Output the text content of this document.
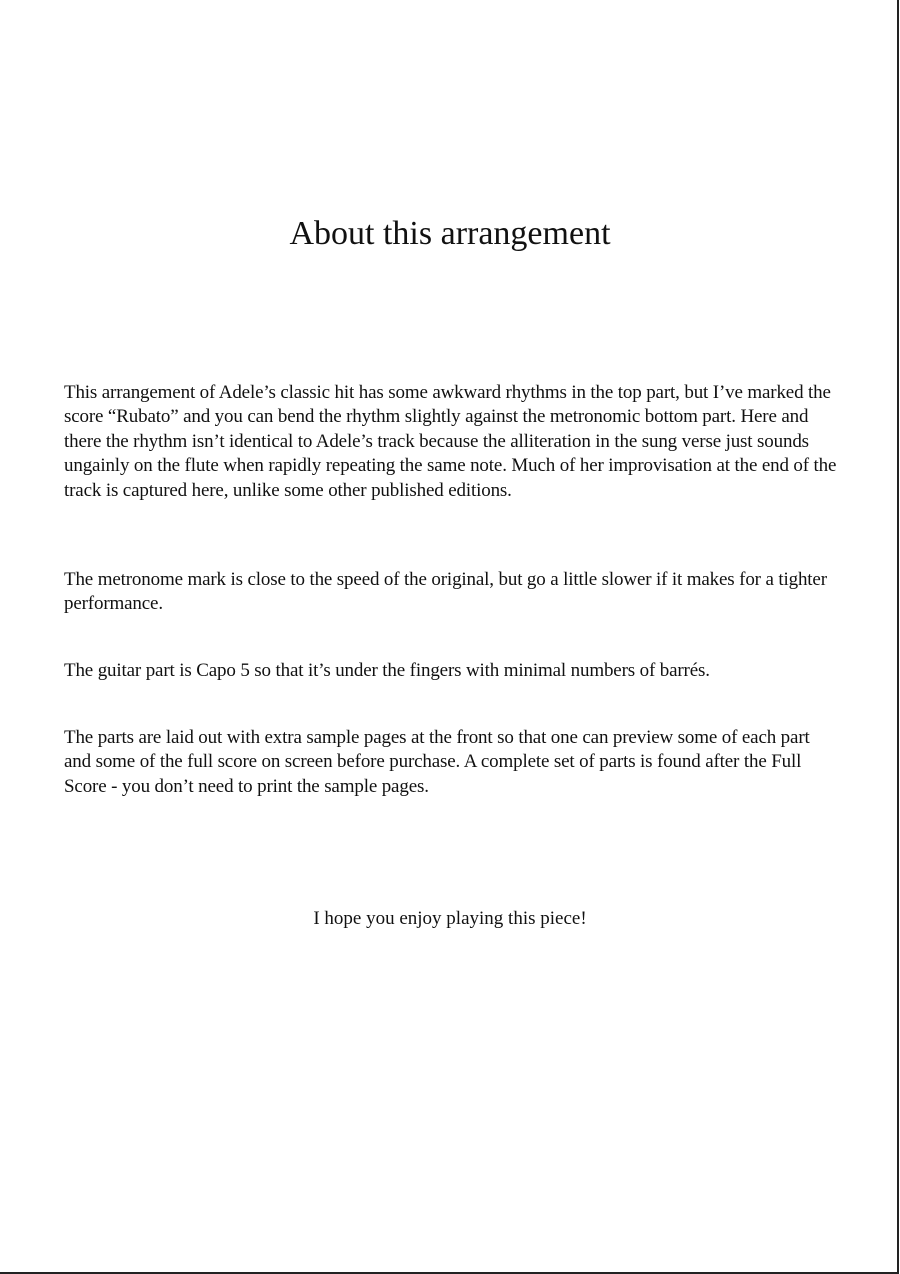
About this arrangement

This arrangement of Adele’s classic hit has some awkward rhythms in the top part, but I’ve marked the score “Rubato” and you can bend the rhythm slightly against the metronomic bottom part. Here and there the rhythm isn’t identical to Adele’s track because the alliteration in the sung verse just sounds ungainly on the flute when rapidly repeating the same note. Much of her improvisation at the end of the track is captured here, unlike some other published editions.

The metronome mark is close to the speed of the original, but go a little slower if it makes for a tighter performance.

The guitar part is Capo 5 so that it’s under the fingers with minimal numbers of barrés.

The parts are laid out with extra sample pages at the front so that one can preview some of each part and some of the full score on screen before purchase. A complete set of parts is found after the Full Score - you don’t need to print the sample pages.

I hope you enjoy playing this piece!
